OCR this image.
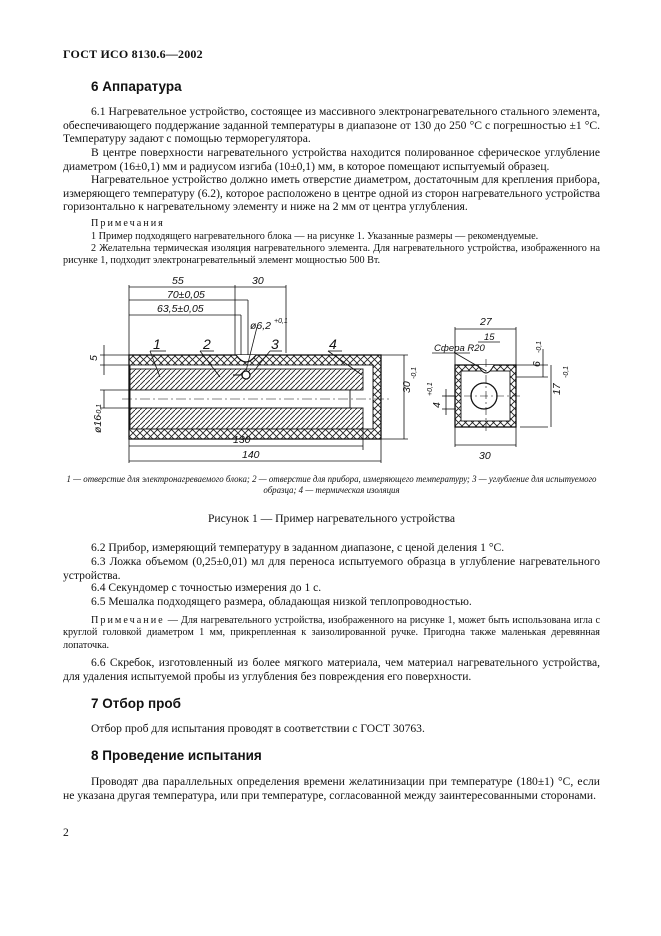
ГОСТ ИСО 8130.6—2002
6 Аппаратура
6.1 Нагревательное устройство, состоящее из массивного электронагревательного стального элемента, обеспечивающего поддержание заданной температуры в диапазоне от 130 до 250 °С с погрешностью ±1 °С. Температуру задают с помощью терморегулятора.
В центре поверхности нагревательного устройства находится полированное сферическое углубление диаметром (16±0,1) мм и радиусом изгиба (10±0,1) мм, в которое помещают испытуемый образец.
Нагревательное устройство должно иметь отверстие диаметром, достаточным для крепления прибора, измеряющего температуру (6.2), которое расположено в центре одной из сторон нагревательного устройства горизонтально к нагревательному элементу и ниже на 2 мм от центра углубления.
Примечания
1 Пример подходящего нагревательного блока — на рисунке 1. Указанные размеры — рекомендуемые.
2 Желательна термическая изоляция нагревательного элемента. Для нагревательного устройства, изображенного на рисунке 1, подходит электронагревательный элемент мощностью 500 Вт.
55	30
70±0,05
63,5±0,05
ø6,2 +0,1
30
-0,1
ø16
-0,1
5
130
140
1	2	3	4	Сфера R20
27
15
6
-0,1
17
-0,1
4
+0,1
30
1 — отверстие для электронагреваемого блока; 2 — отверстие для прибора, измеряющего температуру; 3 — углубление для испытуемого образца; 4 — термическая изоляция
Рисунок 1 — Пример нагревательного устройства
6.2 Прибор, измеряющий температуру в заданном диапазоне, с ценой деления 1 °С.
6.3 Ложка объемом (0,25±0,01) мл для переноса испытуемого образца в углубление нагревательного устройства.
6.4 Секундомер с точностью измерения до 1 с.
6.5 Мешалка подходящего размера, обладающая низкой теплопроводностью.
Примечание — Для нагревательного устройства, изображенного на рисунке 1, может быть использована игла с круглой головкой диаметром 1 мм, прикрепленная к заизолированной ручке. Пригодна также маленькая деревянная лопаточка.
6.6 Скребок, изготовленный из более мягкого материала, чем материал нагревательного устройства, для удаления испытуемой пробы из углубления без повреждения его поверхности.
7 Отбор проб
Отбор проб для испытания проводят в соответствии с ГОСТ 30763.
8 Проведение испытания
Проводят два параллельных определения времени желатинизации при температуре (180±1) °С, если не указана другая температура, или при температуре, согласованной между заинтересованными сторонами.
2
